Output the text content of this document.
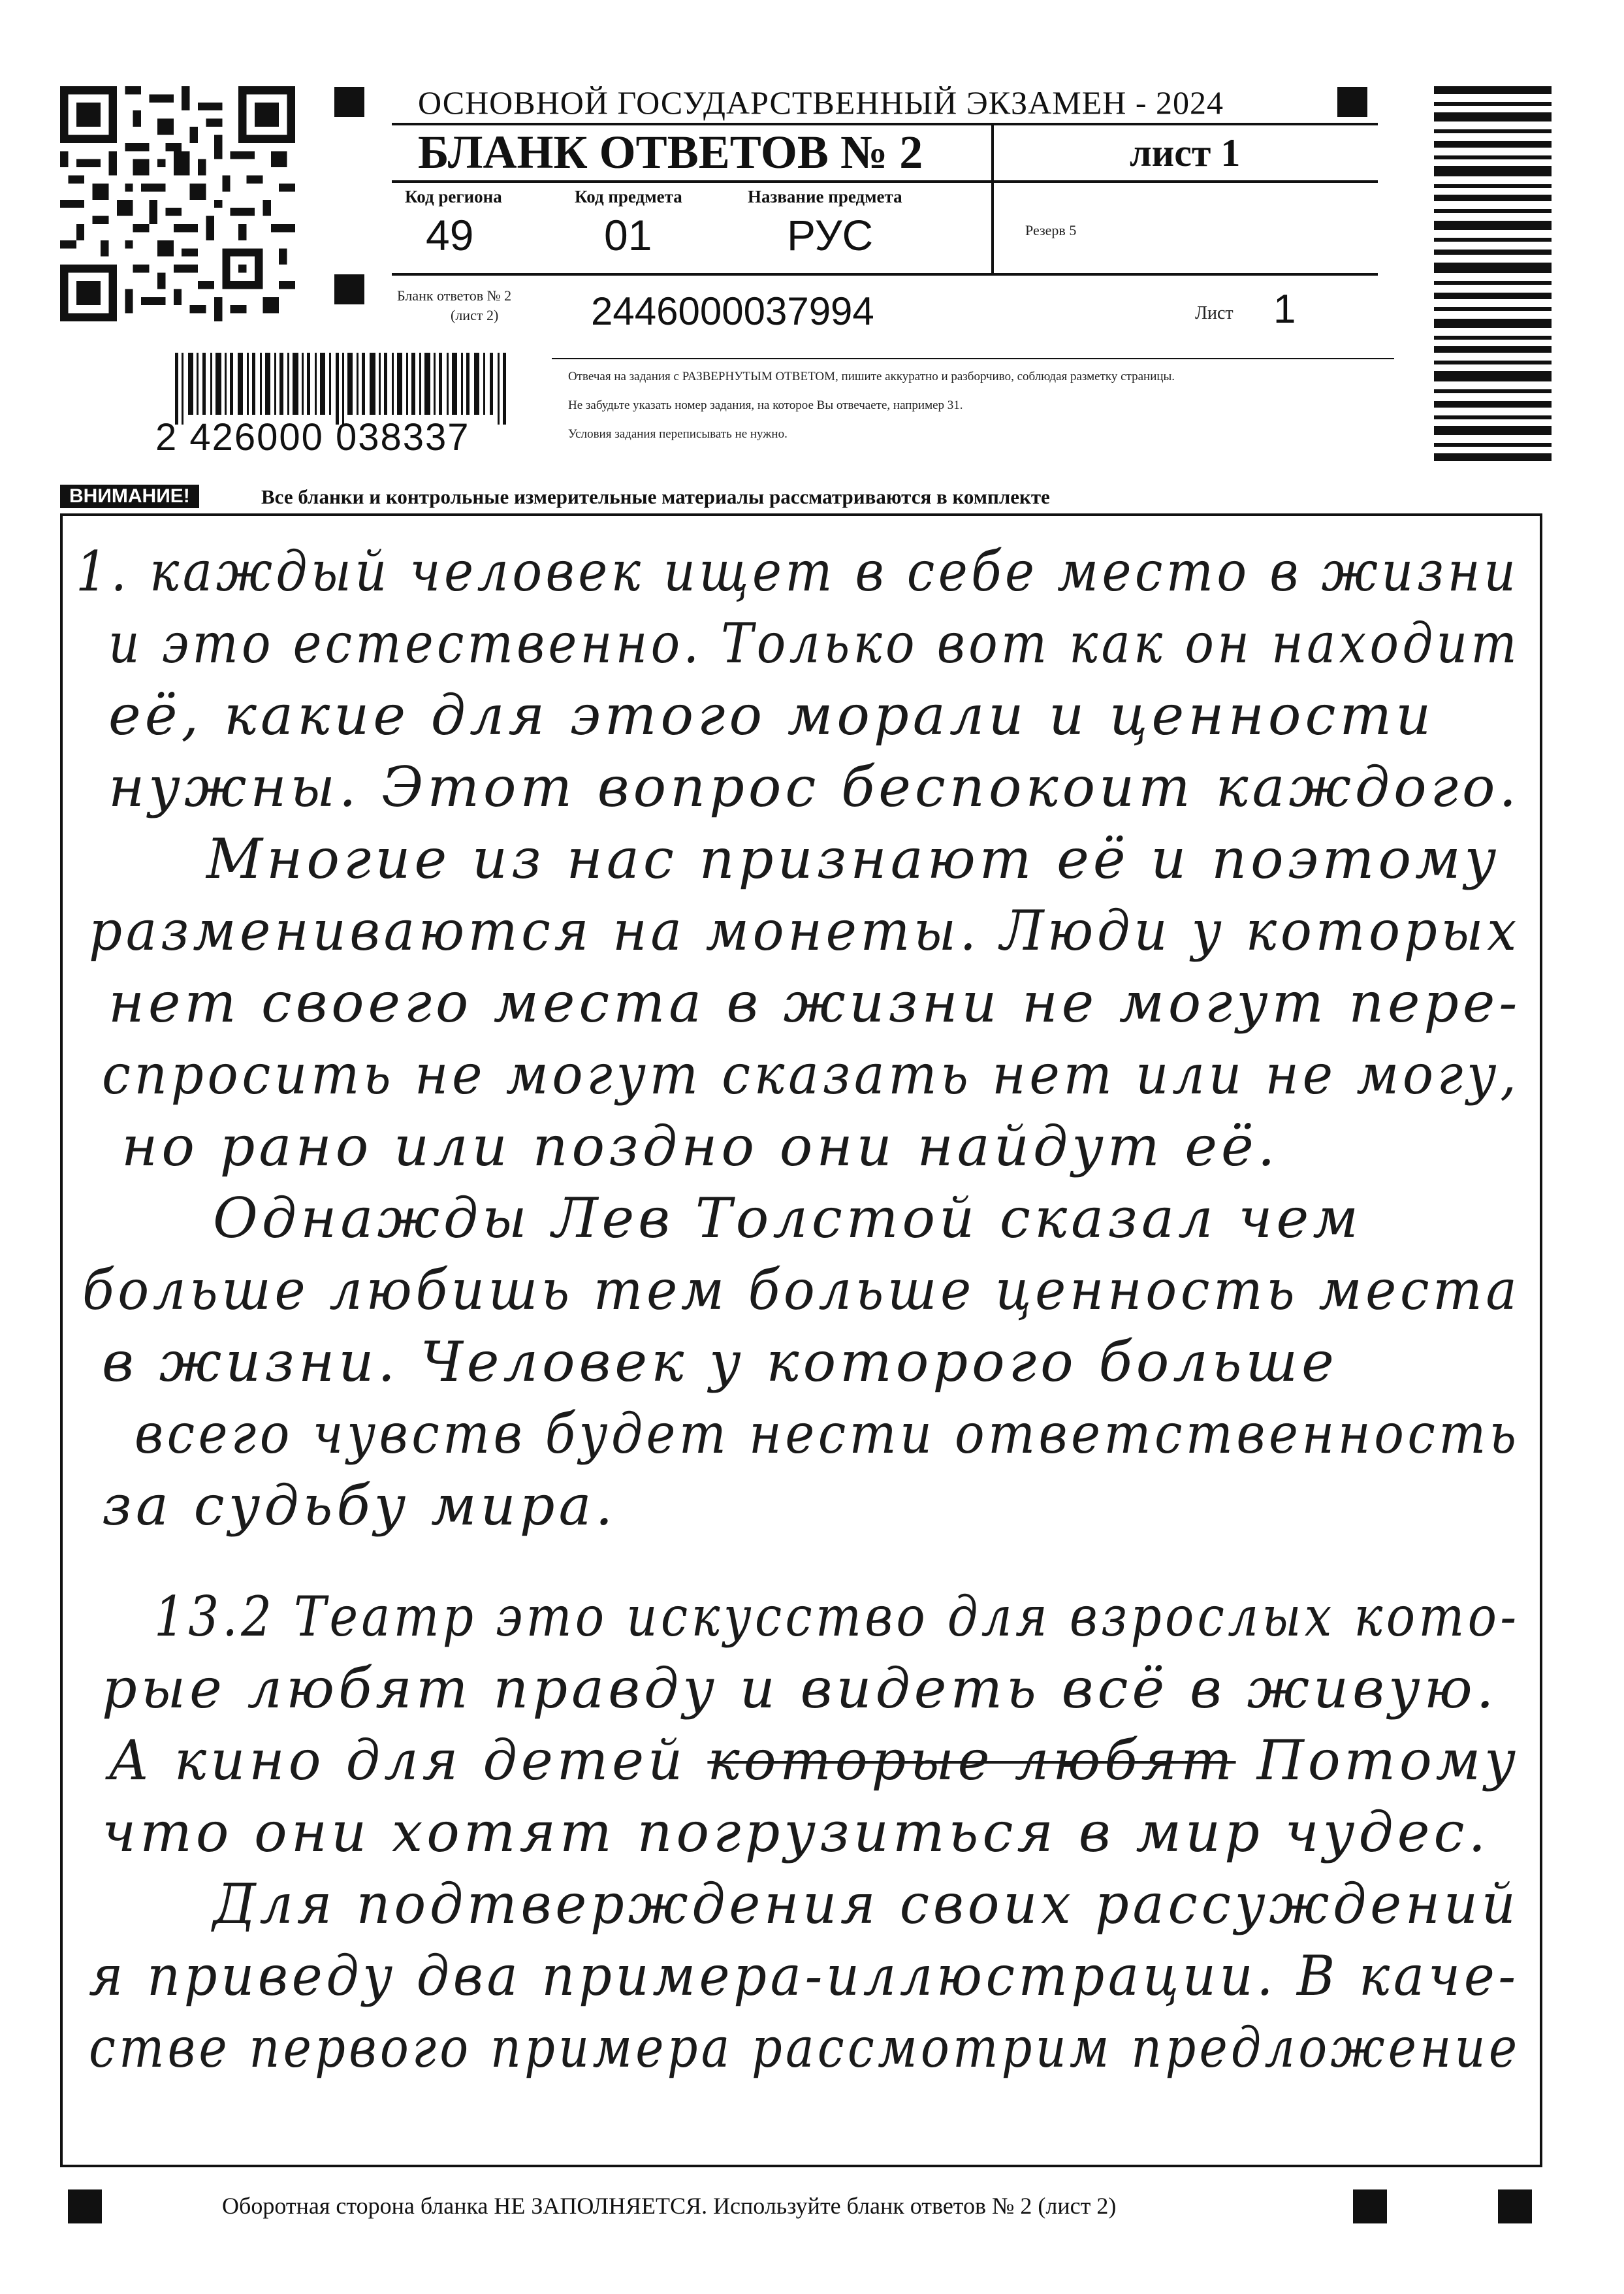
ОСНОВНОЙ ГОСУДАРСТВЕННЫЙ ЭКЗАМЕН - 2024
БЛАНК ОТВЕТОВ № 2	лист 1
Код региона
49
Код предмета
01
Название предмета
РУС	Резерв 5
Бланк ответов № 2
(лист 2) 2446000037994	Лист 1
2 426000 038337
Отвечая на задания с РАЗВЕРНУТЫМ ОТВЕТОМ, пишите аккуратно и разборчиво, соблюдая разметку страницы.
Не забудьте указать номер задания, на которое Вы отвечаете, например 31.
Условия задания переписывать не нужно.
ВНИМАНИЕ!	Все бланки и контрольные измерительные материалы рассматриваются в комплекте
1. каждый человек ищет в себе место в жизни
и это естественно. Только вот как он находит
её, какие для этого морали и ценности
нужны. Этот вопрос беспокоит каждого.
Многие из нас признают её и поэтому
размениваются на монеты. Люди у которых
нет своего места в жизни не могут пере-
спросить не могут сказать нет или не могу,
но рано или поздно они найдут её.
Однажды Лев Толстой сказал чем
больше любишь тем больше ценность места
в жизни. Человек у которого больше
всего чувств будет нести ответственность
за судьбу мира.
13.2 Театр это искусство для взрослых кото-
рые любят правду и видеть всё в живую.
А кино для детей которые любят Потому
что они хотят погрузиться в мир чудес.
Для подтверждения своих рассуждений
я приведу два примера-иллюстрации. В каче-
стве первого примера рассмотрим предложение
Оборотная сторона бланка НЕ ЗАПОЛНЯЕТСЯ. Используйте бланк ответов № 2 (лист 2)
